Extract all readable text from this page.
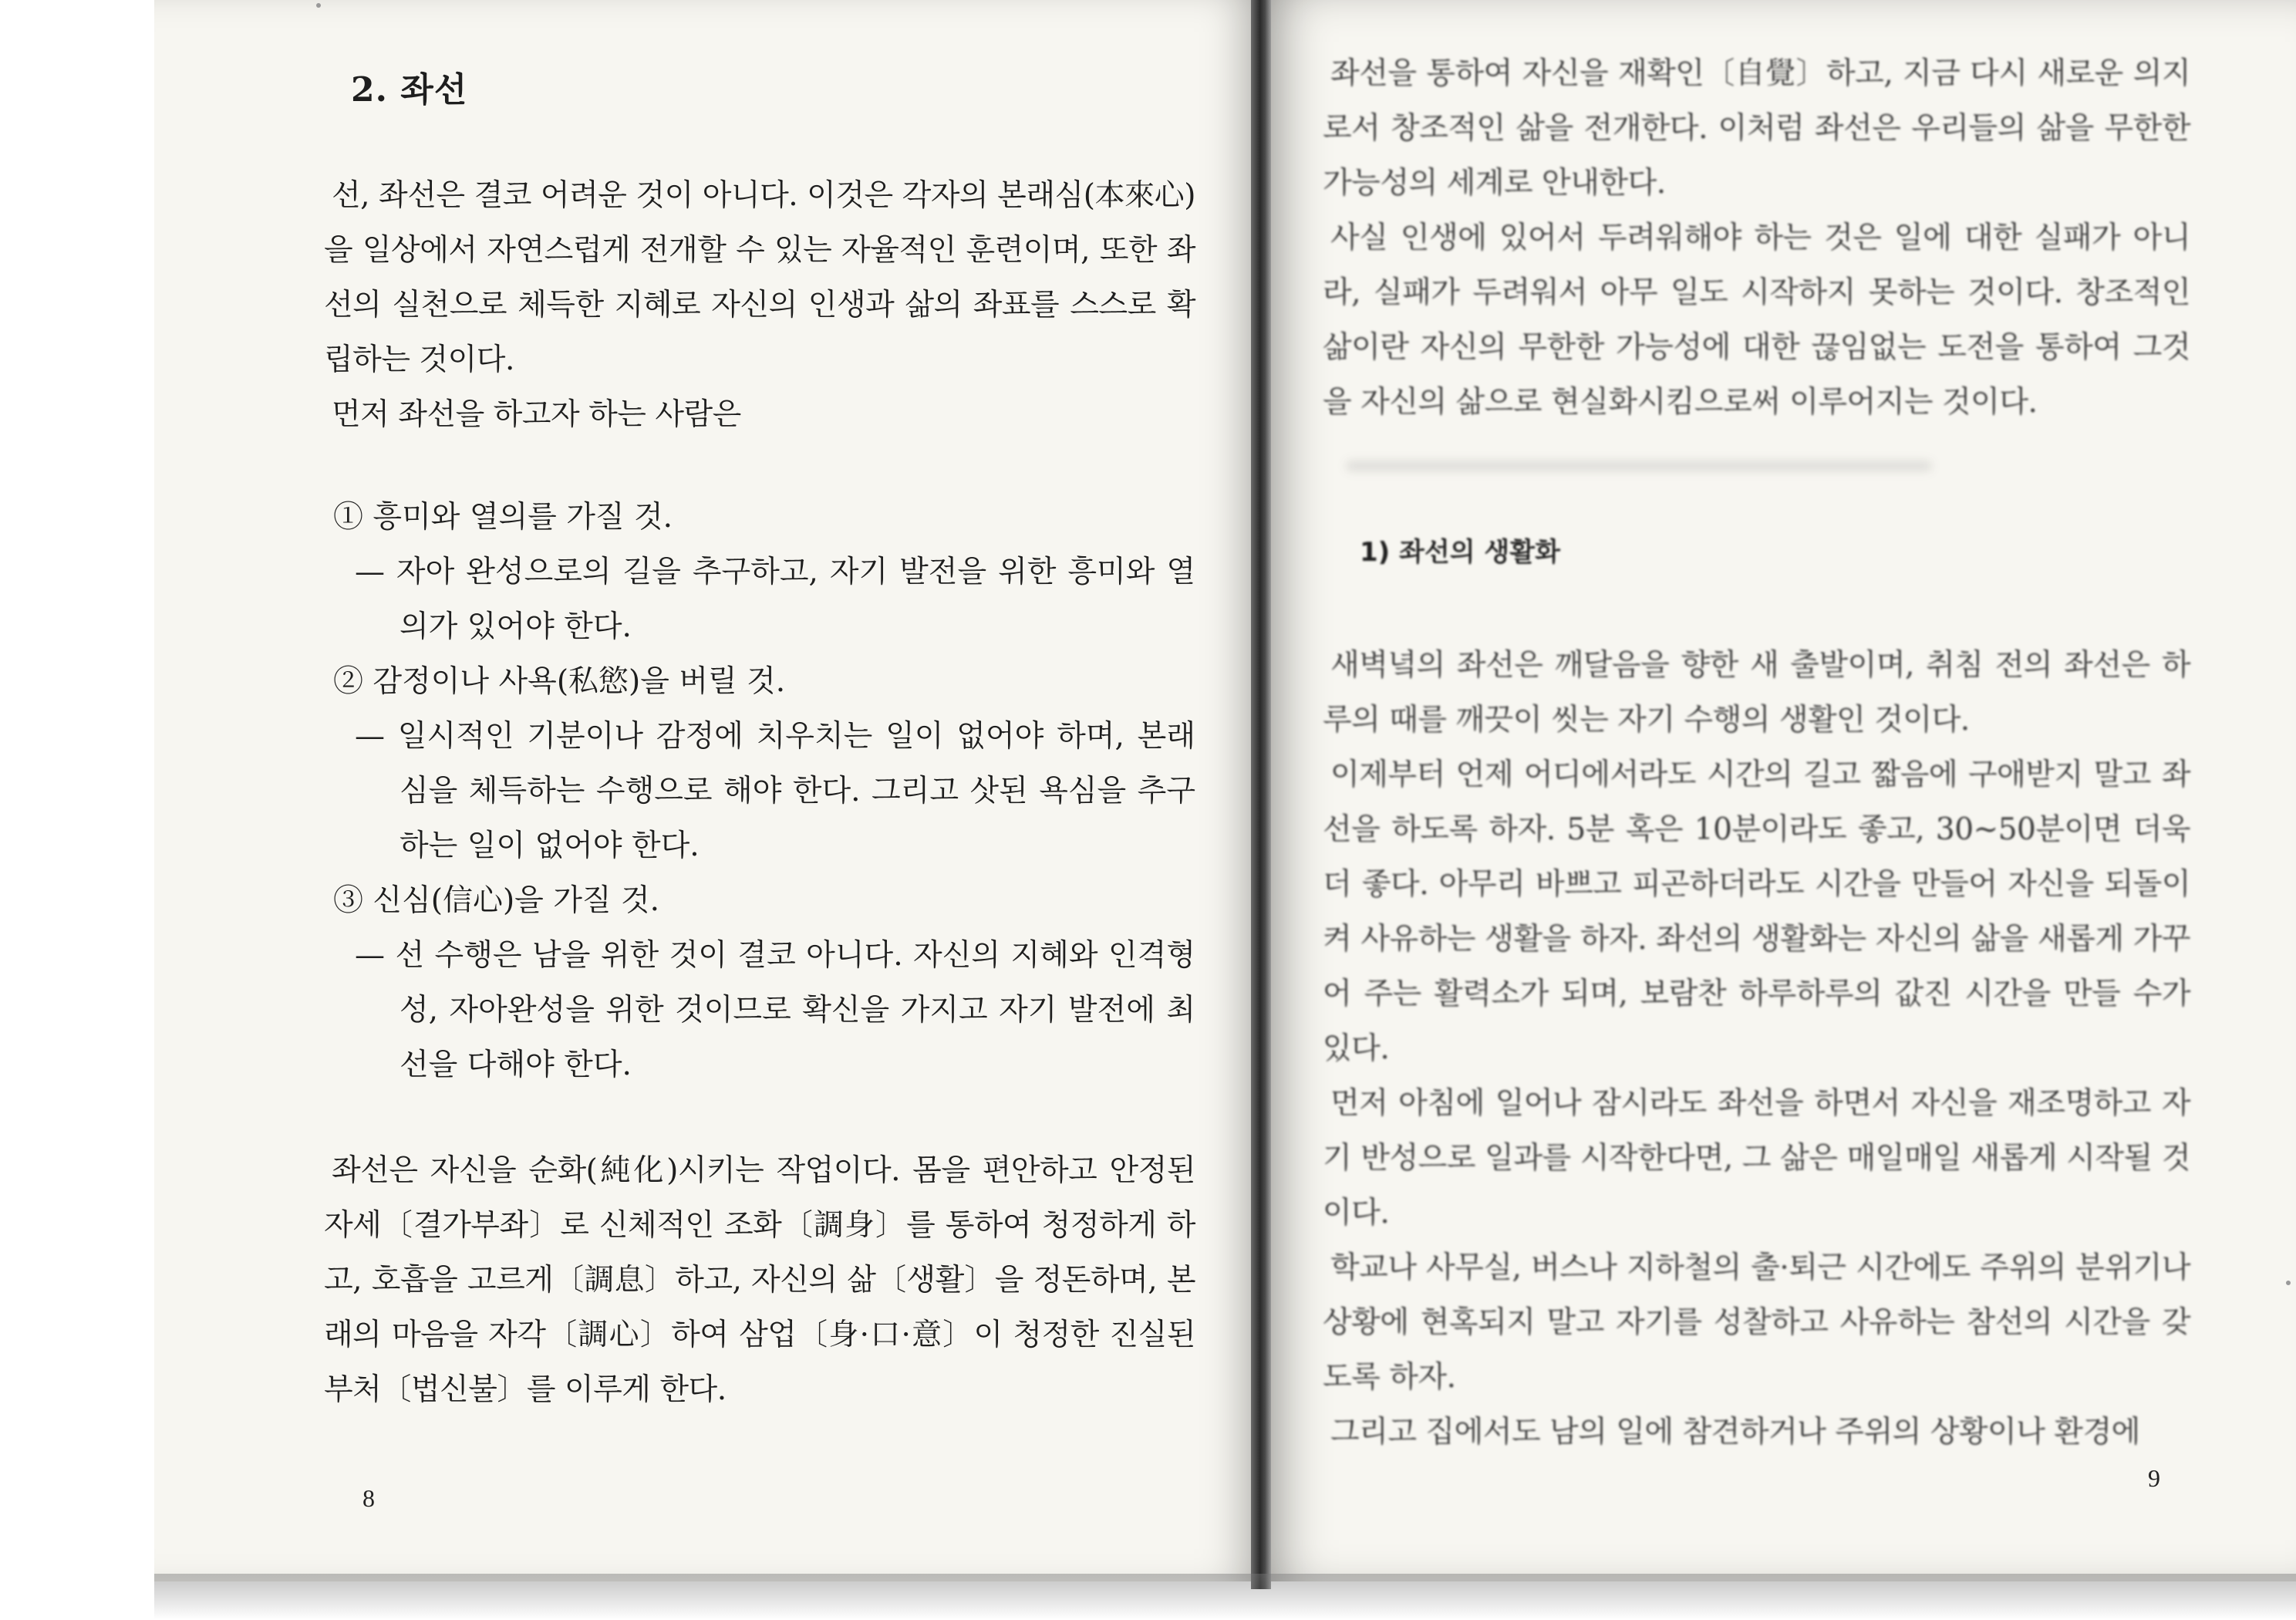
2. 좌선

선, 좌선은 결코 어려운 것이 아니다. 이것은 각자의 본래심(本來心)을 일상에서 자연스럽게 전개할 수 있는 자율적인 훈련이며, 또한 좌선의 실천으로 체득한 지혜로 자신의 인생과 삶의 좌표를 스스로 확립하는 것이다.

먼저 좌선을 하고자 하는 사람은

① 흥미와 열의를 가질 것.
— 자아 완성으로의 길을 추구하고, 자기 발전을 위한 흥미와 열의가 있어야 한다.
② 감정이나 사욕(私慾)을 버릴 것.
— 일시적인 기분이나 감정에 치우치는 일이 없어야 하며, 본래심을 체득하는 수행으로 해야 한다. 그리고 삿된 욕심을 추구하는 일이 없어야 한다.
③ 신심(信心)을 가질 것.
— 선 수행은 남을 위한 것이 결코 아니다. 자신의 지혜와 인격형성, 자아완성을 위한 것이므로 확신을 가지고 자기 발전에 최선을 다해야 한다.

좌선은 자신을 순화(純化)시키는 작업이다. 몸을 편안하고 안정된 자세〔결가부좌〕로 신체적인 조화〔調身〕를 통하여 청정하게 하고, 호흡을 고르게〔調息〕하고, 자신의 삶〔생활〕을 정돈하며, 본래의 마음을 자각〔調心〕하여 삼업〔身·口·意〕이 청정한 진실된 부처〔법신불〕를 이루게 한다.

8

좌선을 통하여 자신을 재확인〔自覺〕하고, 지금 다시 새로운 의지로서 창조적인 삶을 전개한다. 이처럼 좌선은 우리들의 삶을 무한한 가능성의 세계로 안내한다.

사실 인생에 있어서 두려워해야 하는 것은 일에 대한 실패가 아니라, 실패가 두려워서 아무 일도 시작하지 못하는 것이다. 창조적인 삶이란 자신의 무한한 가능성에 대한 끊임없는 도전을 통하여 그것을 자신의 삶으로 현실화시킴으로써 이루어지는 것이다.

1) 좌선의 생활화

새벽녘의 좌선은 깨달음을 향한 새 출발이며, 취침 전의 좌선은 하루의 때를 깨끗이 씻는 자기 수행의 생활인 것이다.

이제부터 언제 어디에서라도 시간의 길고 짧음에 구애받지 말고 좌선을 하도록 하자. 5분 혹은 10분이라도 좋고, 30~50분이면 더욱더 좋다. 아무리 바쁘고 피곤하더라도 시간을 만들어 자신을 되돌이켜 사유하는 생활을 하자. 좌선의 생활화는 자신의 삶을 새롭게 가꾸어 주는 활력소가 되며, 보람찬 하루하루의 값진 시간을 만들 수가 있다.

먼저 아침에 일어나 잠시라도 좌선을 하면서 자신을 재조명하고 자기 반성으로 일과를 시작한다면, 그 삶은 매일매일 새롭게 시작될 것이다.

학교나 사무실, 버스나 지하철의 출·퇴근 시간에도 주위의 분위기나 상황에 현혹되지 말고 자기를 성찰하고 사유하는 참선의 시간을 갖도록 하자.

그리고 집에서도 남의 일에 참견하거나 주위의 상황이나 환경에

9
